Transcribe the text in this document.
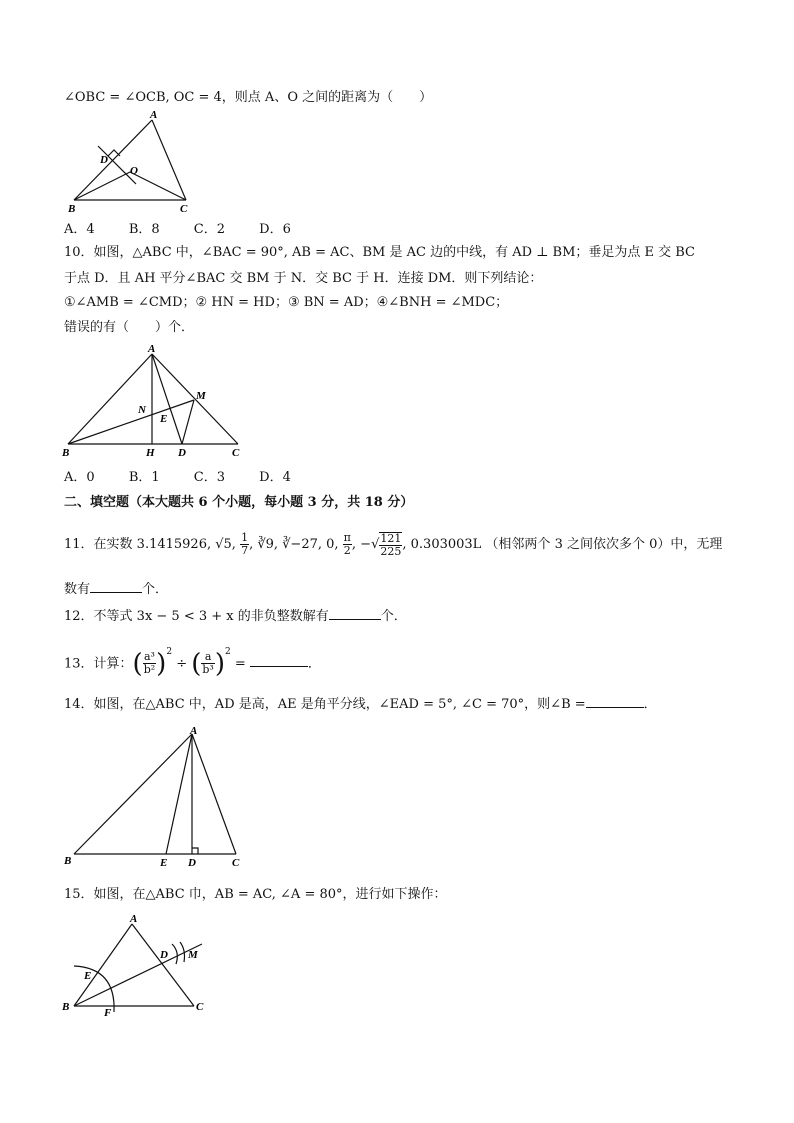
∠OBC = ∠OCB, OC = 4，则点 A、O 之间的距离为（　　）
A
D
O
B	C
A．4	B．8	C．2	D．6
10．如图，△ABC 中，∠BAC = 90°, AB = AC、BM 是 AC 边的中线，有 AD ⊥ BM；垂足为点 E 交 BC
于点 D．且 AH 平分∠BAC 交 BM 于 N．交 BC 于 H．连接 DM．则下列结论：
①∠AMB = ∠CMD；② HN = HD；③ BN = AD；④∠BNH = ∠MDC；
错误的有（　　）个．
A
M
N
E
B	H D	C
A．0	B．1	C．3	D．4
二、填空题（本大题共 6 个小题，每小题 3 分，共 18 分）
11．在实数 3.1415926, √5, $\frac{1}{7}$ , ∛9, ∛−27, 0, $\frac{\pi}{2}$ , −√ $\frac{121}{225}$ , 0.303003L （相邻两个 3 之间依次多个 0）中，无理
数有	个．
12．不等式 3x − 5 < 3 + x 的非负整数解有	个．
13．计算：( $\frac{\text{a³}}{\text{b²}} )^2$ ÷ ( $\frac{a}{\text{b³}} )^2$ =	．
14．如图，在△ABC 中，AD 是高，AE 是角平分线，∠EAD = 5°, ∠C = 70°，则∠B =	．
A
B	E D	C
15．如图，在△ABC 巾，AB = AC, ∠A = 80°，进行如下操作：
A
D M
E
B	F	C
